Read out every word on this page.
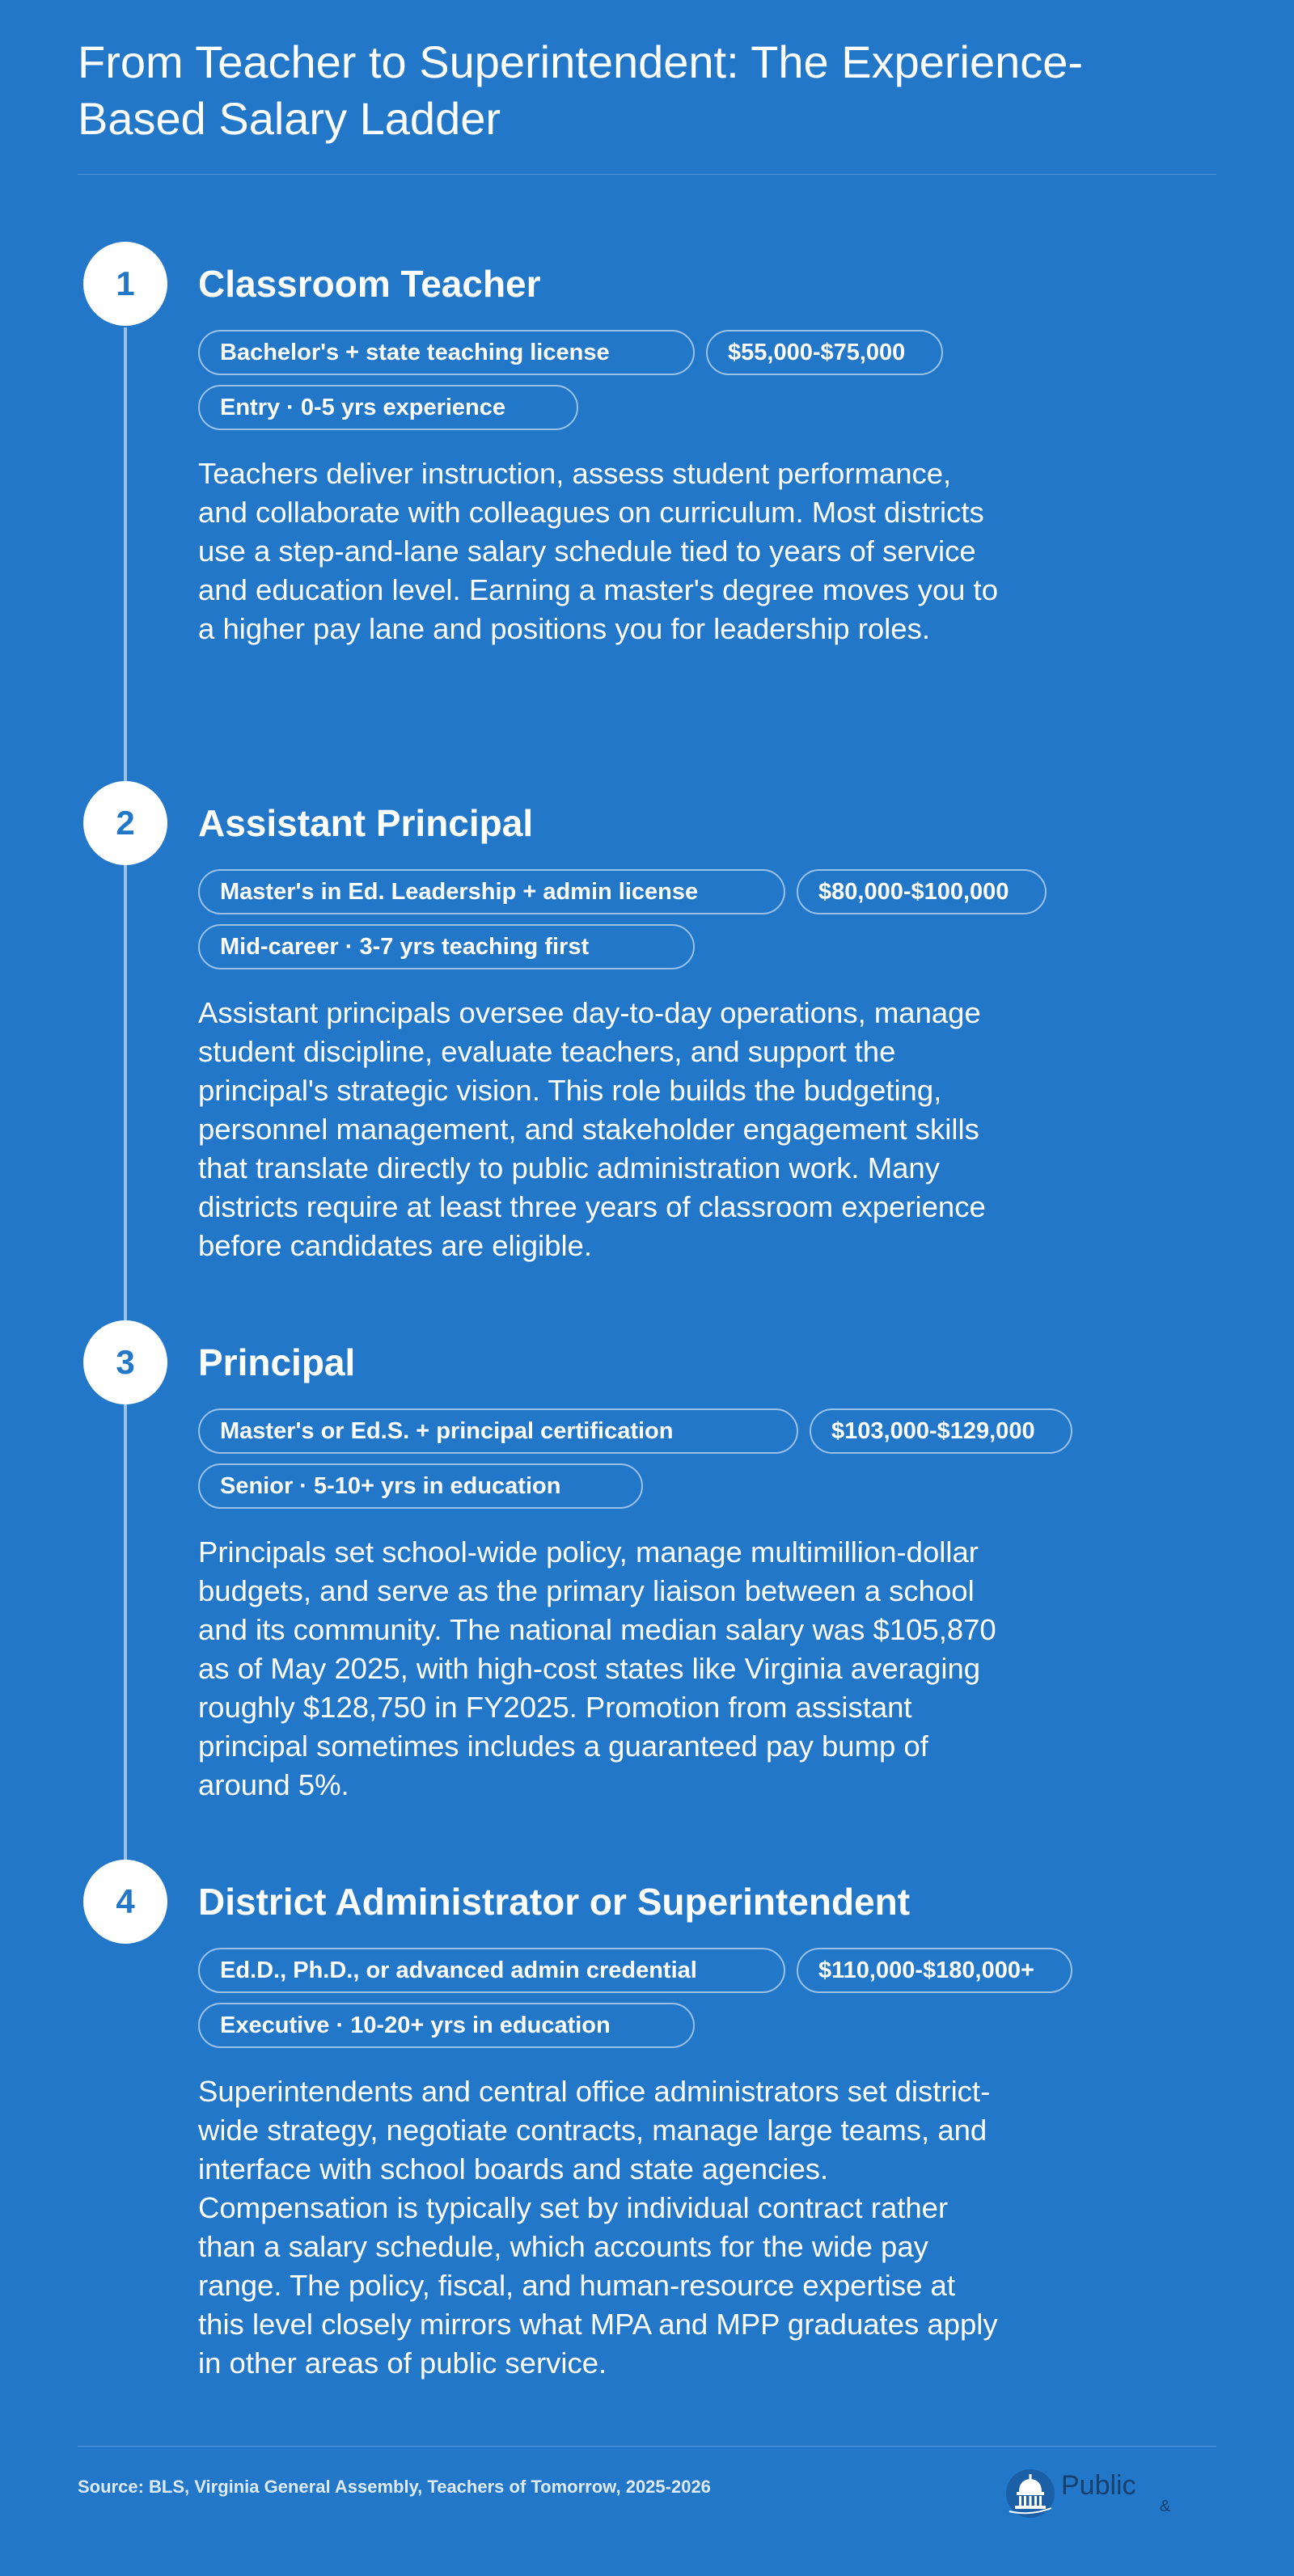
From Teacher to Superintendent: The Experience-Based Salary Ladder
1	Classroom Teacher
Bachelor's + state teaching license	$55,000-$75,000
Entry · 0-5 yrs experience

Teachers deliver instruction, assess student performance, and collaborate with colleagues on curriculum. Most districts use a step-and-lane salary schedule tied to years of service and education level. Earning a master's degree moves you to a higher pay lane and positions you for leadership roles.

2	Assistant Principal
Master's in Ed. Leadership + admin license	$80,000-$100,000
Mid-career · 3-7 yrs teaching first

Assistant principals oversee day-to-day operations, manage student discipline, evaluate teachers, and support the principal's strategic vision. This role builds the budgeting, personnel management, and stakeholder engagement skills that translate directly to public administration work. Many districts require at least three years of classroom experience before candidates are eligible.

3	Principal
Master's or Ed.S. + principal certification	$103,000-$129,000
Senior · 5-10+ yrs in education

Principals set school-wide policy, manage multimillion-dollar budgets, and serve as the primary liaison between a school and its community. The national median salary was $105,870 as of May 2025, with high-cost states like Virginia averaging roughly $128,750 in FY2025. Promotion from assistant principal sometimes includes a guaranteed pay bump of around 5%.

4	District Administrator or Superintendent
Ed.D., Ph.D., or advanced admin credential	$110,000-$180,000+
Executive · 10-20+ yrs in education

Superintendents and central office administrators set district-wide strategy, negotiate contracts, manage large teams, and interface with school boards and state agencies. Compensation is typically set by individual contract rather than a salary schedule, which accounts for the wide pay range. The policy, fiscal, and human-resource expertise at this level closely mirrors what MPA and MPP graduates apply in other areas of public service.

Source: BLS, Virginia General Assembly, Teachers of Tomorrow, 2025-2026	Public
&
